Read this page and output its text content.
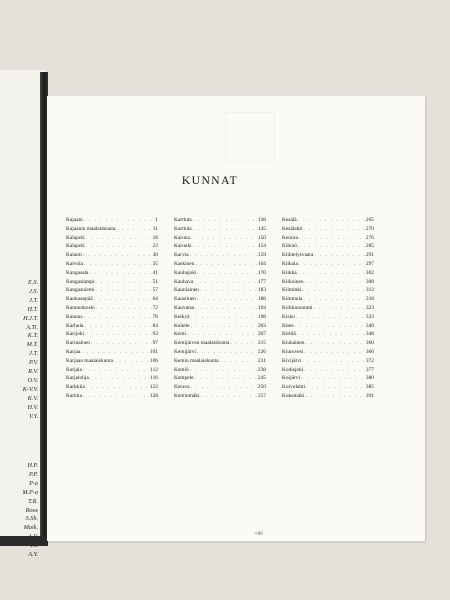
E.S.
J.S.
J.T.
H.T.
H.J.T.
A.Ti.
K.T.
M.T.
J.T.
P.V.
R.V.
O.V.
K-V.V.
K.V.
H.V.
V.Y.
H.P.
P.P.
P-a
M.P-a
T.R.
Roos
S.Sh.
Maik.
A.Y.
KUNNAT
Kajaani . . .	1
Kajaanin maalaiskunta . . .	11
Kalajoki . . .	18
Kalajoki . . .	22
Kalanti . . .	30
Kalvola . . .	35
Kangasala . . .	41
Kangaslampi . . .	51
Kangasniemi . . .	57
Kankaanpää . . .	64
Kannonkoski . . .	72
Kannus . . .	78
Karhula . . .	84
Karijoki . . .	93
Karinainen . . .	97
Karjaa . . .	101
Karjaan maalaiskunta . . .	106
Karjala . . .	112
Karjalohja . . .	116
Karkkila . . .	122
Karkku . . .	128
Karttula . . .	138
Karttula . . .	145
Karuna . . .	150
Karunki . . .	154
Karvia . . .	159
Kaskinen . . .	164
Kauhajoki . . .	170
Kauhava . . .	177
Kauniainen . . .	183
Kaustinen . . .	188
Kauvatsa . . .	194
Keikyä . . .	198
Keitele . . .	203
Kemi . . .	207
Kemijärven maalaiskunta . . .	215
Kemijärvi . . .	226
Kemin maalaiskunta . . .	231
Kemiö . . .	238
Kempele . . .	245
Kerava . . .	250
Keminmäki . . .	257
Kesälä . . .	265
Kesälahti . . .	270
Keuruu . . .	276
Kihniö . . .	285
Kiihtelysvaara . . .	291
Kiikala . . .	297
Kiikka . . .	302
Kiikoinen . . .	308
Kiiminki . . .	312
Kimmula . . .	318
Kirkkonummi . . .	323
Kisko . . .	333
Kitee . . .	340
Kittilä . . .	348
Kiukainen . . .	360
Kiuruvesi . . .	366
Kivijärvi . . .	372
Kodisjoki . . .	377
Koijärvi . . .	380
Koivulahti . . .	385
Kokemäki . . .	391
≈96
